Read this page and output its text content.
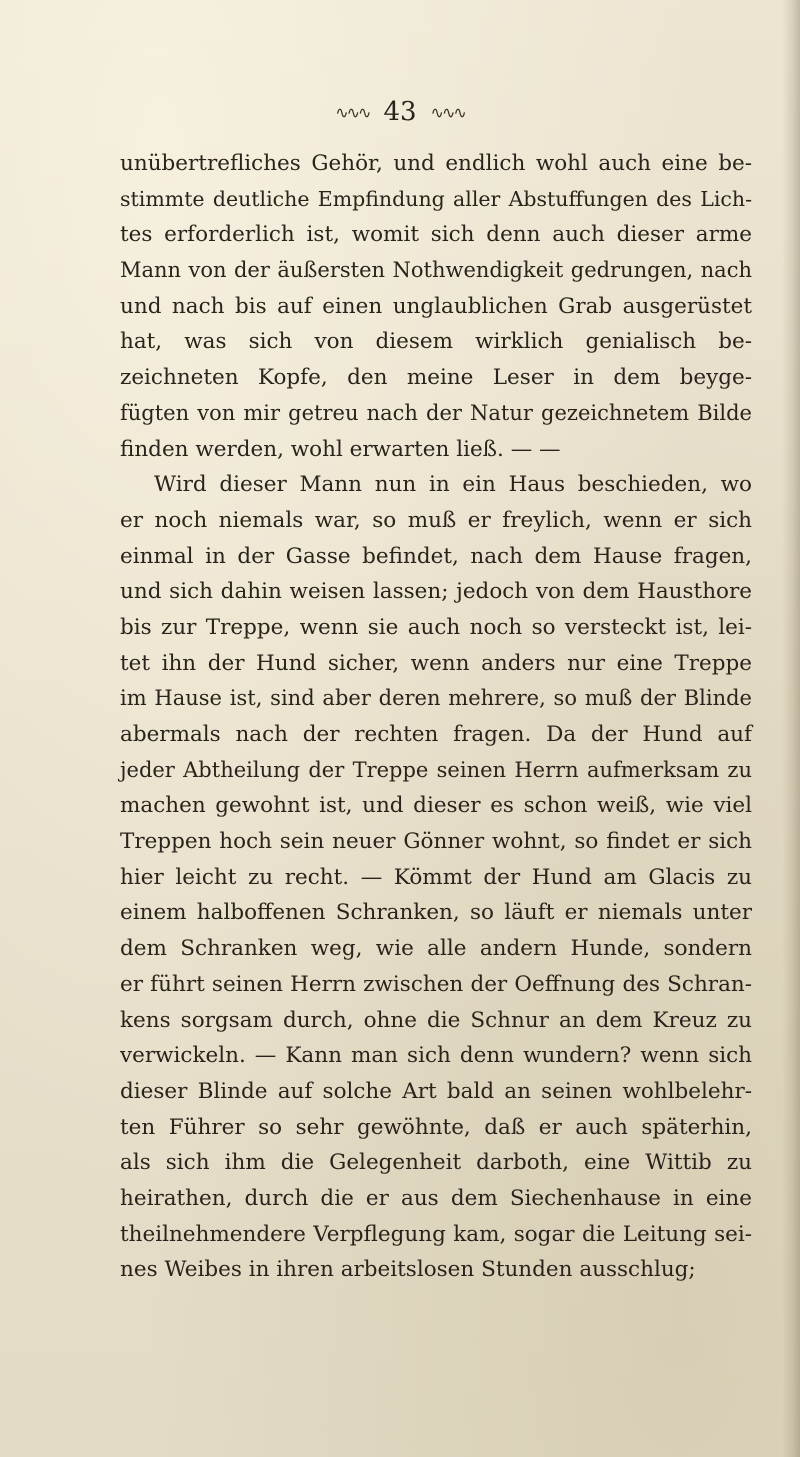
∿∿∿ 43 ∿∿∿
unübertrefliches Gehör, und endlich wohl auch eine be-
stimmte deutliche Empfindung aller Abstuffungen des Lich-
tes erforderlich ist, womit sich denn auch dieser arme
Mann von der äußersten Nothwendigkeit gedrungen, nach
und nach bis auf einen unglaublichen Grab ausgerüstet
hat, was sich von diesem wirklich genialisch be-
zeichneten Kopfe, den meine Leser in dem beyge-
fügten von mir getreu nach der Natur gezeichnetem Bilde
finden werden, wohl erwarten ließ. — —
Wird dieser Mann nun in ein Haus beschieden, wo
er noch niemals war, so muß er freylich, wenn er sich
einmal in der Gasse befindet, nach dem Hause fragen,
und sich dahin weisen lassen; jedoch von dem Hausthore
bis zur Treppe, wenn sie auch noch so versteckt ist, lei-
tet ihn der Hund sicher, wenn anders nur eine Treppe
im Hause ist, sind aber deren mehrere, so muß der Blinde
abermals nach der rechten fragen. Da der Hund auf
jeder Abtheilung der Treppe seinen Herrn aufmerksam zu
machen gewohnt ist, und dieser es schon weiß, wie viel
Treppen hoch sein neuer Gönner wohnt, so findet er sich
hier leicht zu recht. — Kömmt der Hund am Glacis zu
einem halboffenen Schranken, so läuft er niemals unter
dem Schranken weg, wie alle andern Hunde, sondern
er führt seinen Herrn zwischen der Oeffnung des Schran-
kens sorgsam durch, ohne die Schnur an dem Kreuz zu
verwickeln. — Kann man sich denn wundern? wenn sich
dieser Blinde auf solche Art bald an seinen wohlbelehr-
ten Führer so sehr gewöhnte, daß er auch späterhin,
als sich ihm die Gelegenheit darboth, eine Wittib zu
heirathen, durch die er aus dem Siechenhause in eine
theilnehmendere Verpflegung kam, sogar die Leitung sei-
nes Weibes in ihren arbeitslosen Stunden ausschlug;
